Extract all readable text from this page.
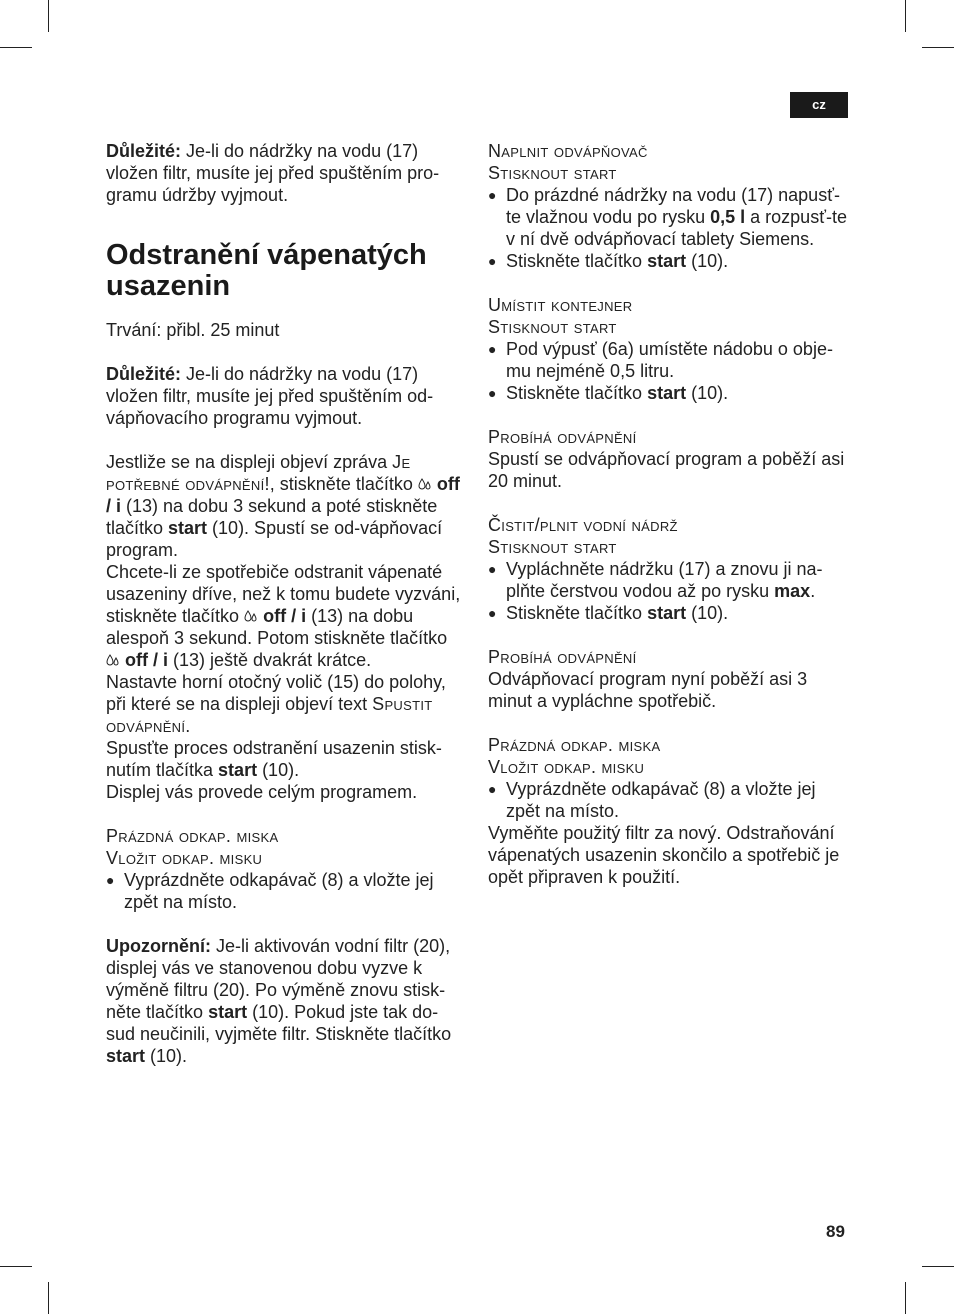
cz

Důležité: Je-li do nádržky na vodu (17) vložen filtr, musíte jej před spuštěním pro-gramu údržby vyjmout.

Odstranění vápenatých usazenin

Trvání: přibl. 25 minut

Důležité: Je-li do nádržky na vodu (17) vložen filtr, musíte jej před spuštěním od-vápňovacího programu vyjmout.

Jestliže se na displeji objeví zpráva Je potřebné odvápnění!, stiskněte tlačítko  off / i (13) na dobu 3 sekund a poté stiskněte tlačítko start (10). Spustí se od-vápňovací program.

Chcete-li ze spotřebiče odstranit vápenaté usazeniny dříve, než k tomu budete vyzváni, stiskněte tlačítko  off / i (13) na dobu alespoň 3 sekund. Potom stiskněte tlačítko  off / i (13) ještě dvakrát krátce.

Nastavte horní otočný volič (15) do polohy, při které se na displeji objeví text Spustit odvápnění.

Spusťte proces odstranění usazenin stisk-nutím tlačítka start (10).

Displej vás provede celým programem.

Prázdná odkap. miska

Vložit odkap. misku

● Vyprázdněte odkapávač (8) a vložte jej zpět na místo.

Upozornění: Je-li aktivován vodní filtr (20), displej vás ve stanovenou dobu vyzve k výměně filtru (20). Po výměně znovu stisk-něte tlačítko start (10). Pokud jste tak do-sud neučinili, vyjměte filtr. Stiskněte tlačítko start (10).

Naplnit odvápňovač

Stisknout start

● Do prázdné nádržky na vodu (17) napusť-te vlažnou vodu po rysku 0,5 l a rozpusť-te v ní dvě odvápňovací tablety Siemens.
● Stiskněte tlačítko start (10).

Umístit kontejner

Stisknout start

● Pod výpusť (6a) umístěte nádobu o obje-mu nejméně 0,5 litru.
● Stiskněte tlačítko start (10).

Probíhá odvápnění

Spustí se odvápňovací program a poběží asi 20 minut.

Čistit/plnit vodní nádrž

Stisknout start

● Vypláchněte nádržku (17) a znovu ji na-plňte čerstvou vodou až po rysku max.
● Stiskněte tlačítko start (10).

Probíhá odvápnění

Odvápňovací program nyní poběží asi 3 minut a vypláchne spotřebič.

Prázdná odkap. miska

Vložit odkap. misku

● Vyprázdněte odkapávač (8) a vložte jej zpět na místo.

Vyměňte použitý filtr za nový. Odstraňování vápenatých usazenin skončilo a spotřebič je opět připraven k použití.

89
